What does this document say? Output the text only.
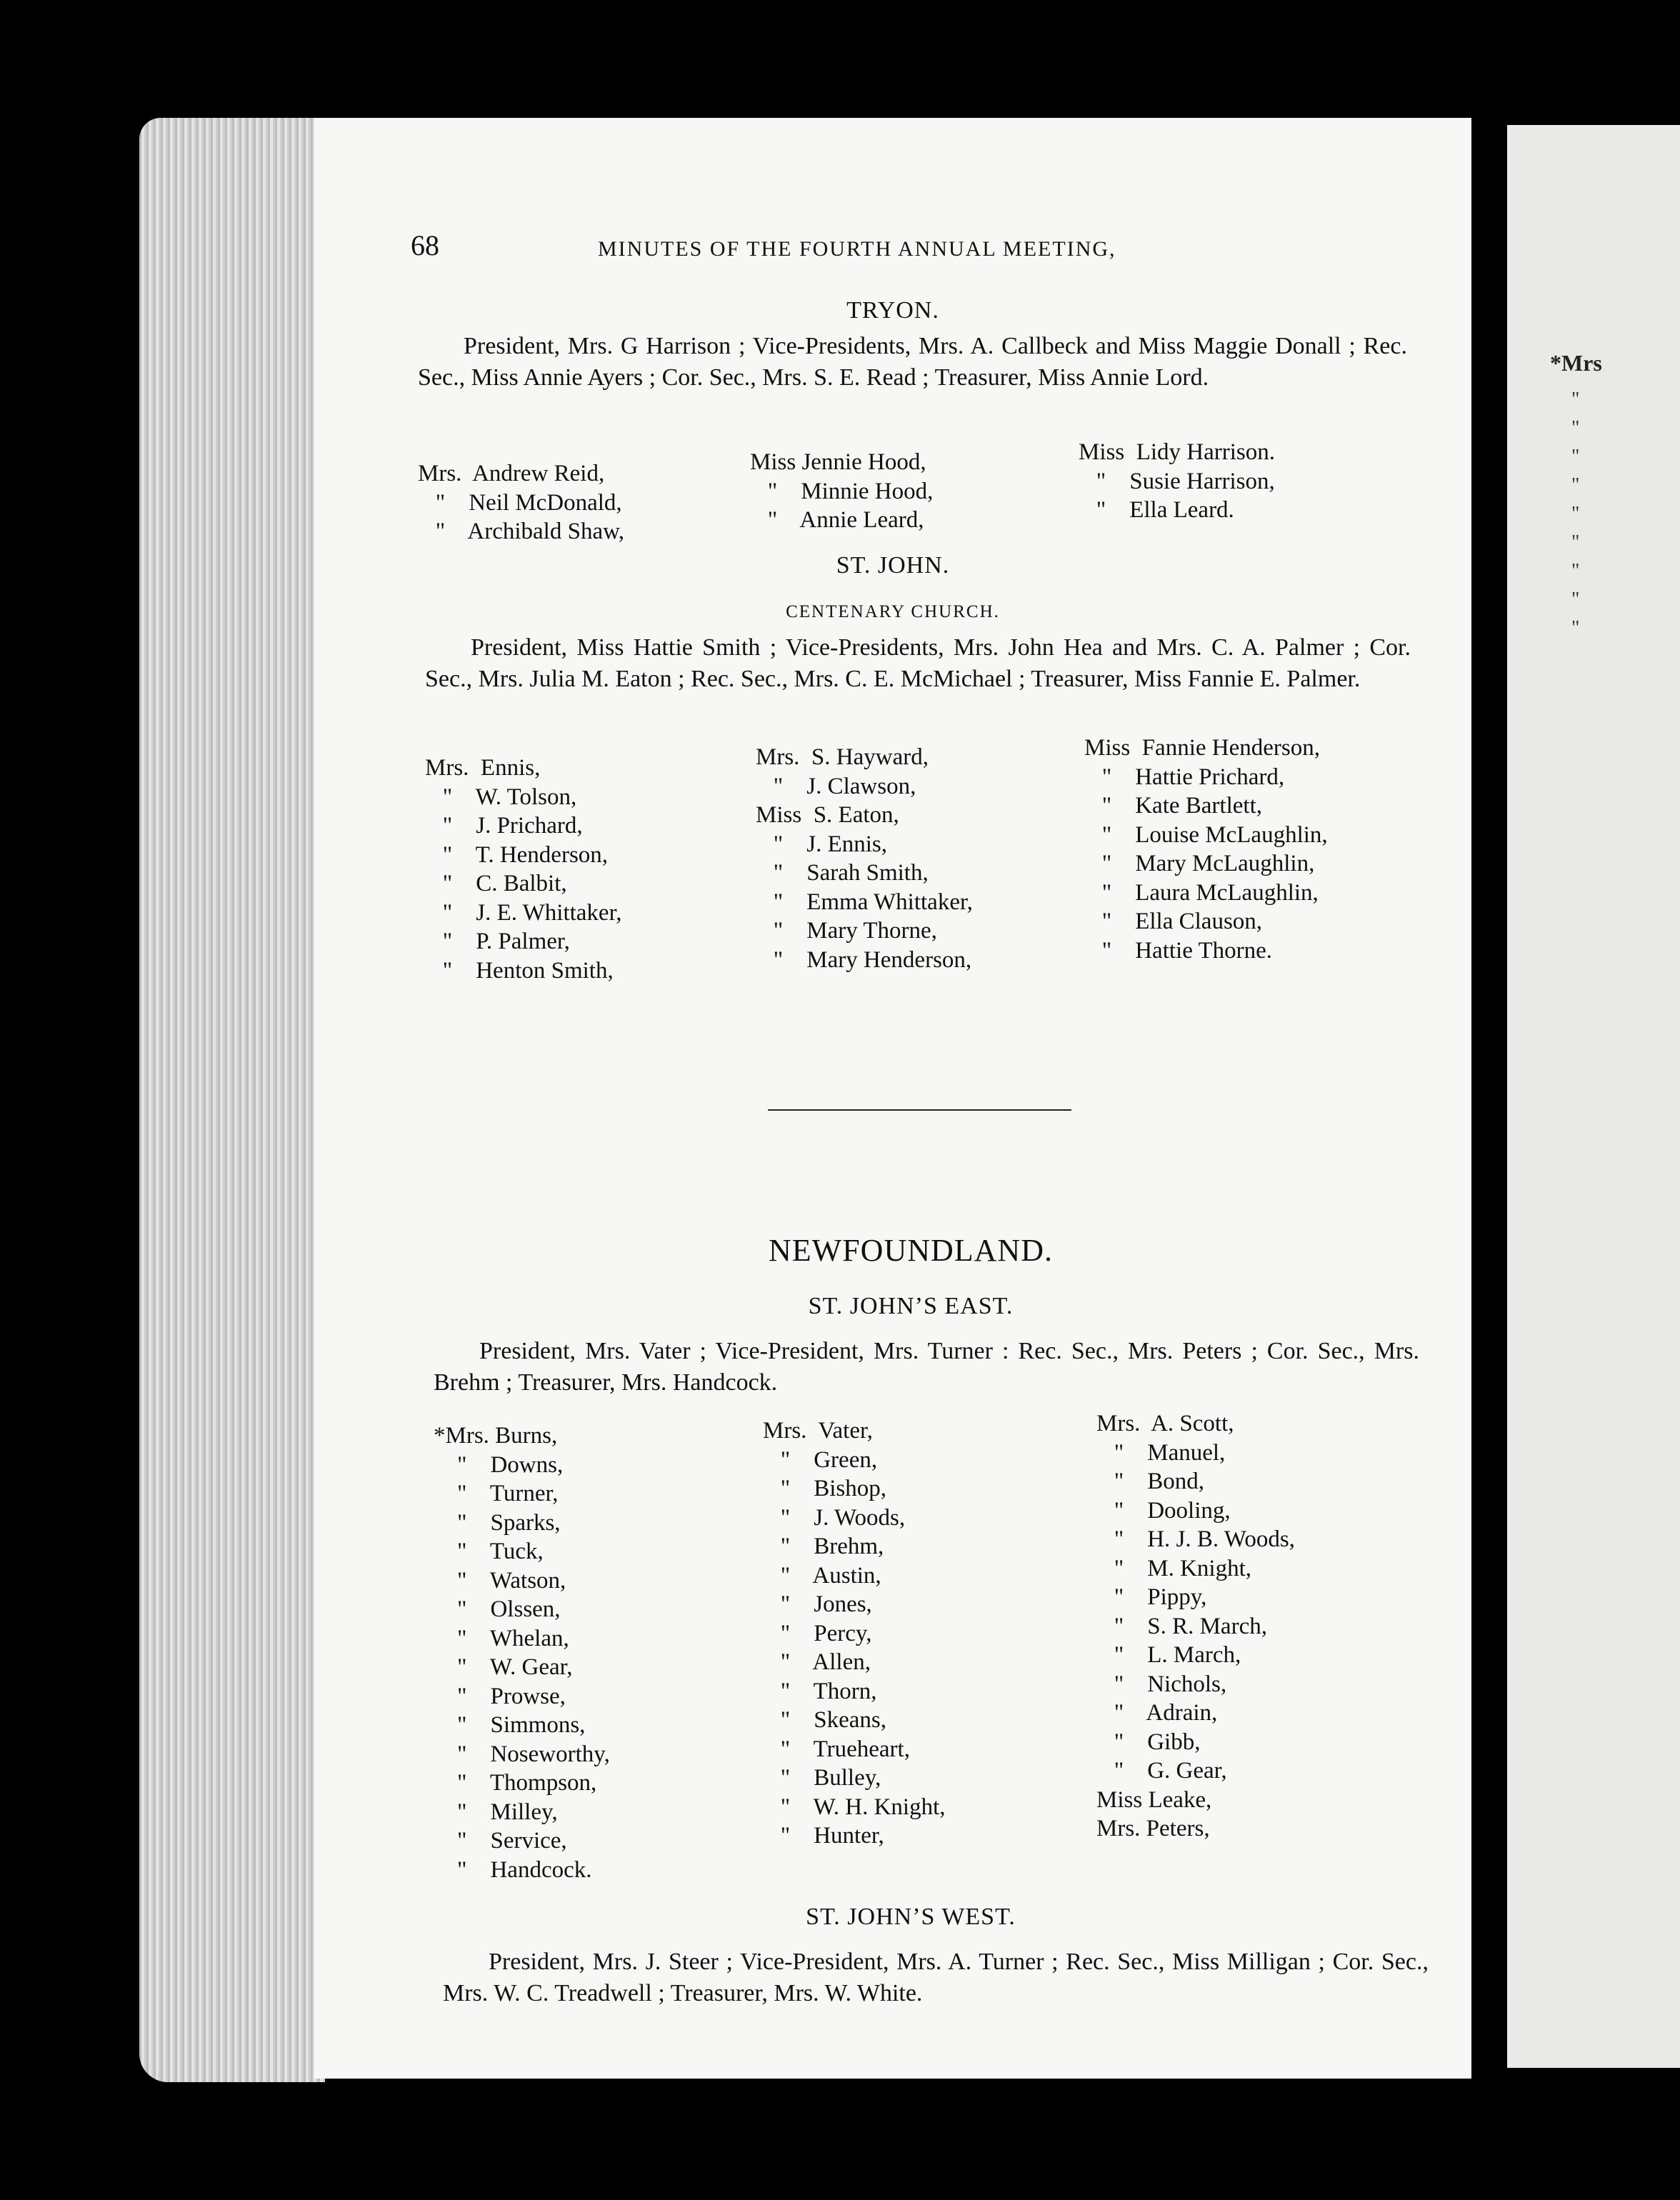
*Mrs
"
"
"
"
"
"
"
"
"
68	MINUTES OF THE FOURTH ANNUAL MEETING,
TRYON.

President, Mrs. G Harrison ; Vice-Presidents, Mrs. A. Callbeck and Miss Maggie Donall ; Rec. Sec., Miss Annie Ayers ; Cor. Sec., Mrs. S. E. Read ; Treasurer, Miss Annie Lord.

Mrs.  Andrew Reid,
"    Neil McDonald,
"    Archibald Shaw,
Miss Jennie Hood,
"    Minnie Hood,
"    Annie Leard,
Miss  Lidy Harrison.
"    Susie Harrison,
"    Ella Leard.
ST. JOHN.
CENTENARY CHURCH.

President, Miss Hattie Smith ; Vice-Presidents, Mrs. John Hea and Mrs. C. A. Palmer ; Cor. Sec., Mrs. Julia M. Eaton ; Rec. Sec., Mrs. C. E. McMichael ; Treasurer, Miss Fannie E. Palmer.

Mrs.  Ennis,
"    W. Tolson,
"    J. Prichard,
"    T. Henderson,
"    C. Balbit,
"    J. E. Whittaker,
"    P. Palmer,
"    Henton Smith,
Mrs.  S. Hayward,
"    J. Clawson,
Miss  S. Eaton,
"    J. Ennis,
"    Sarah Smith,
"    Emma Whittaker,
"    Mary Thorne,
"    Mary Henderson,
Miss  Fannie Henderson,
"    Hattie Prichard,
"    Kate Bartlett,
"    Louise McLaughlin,
"    Mary McLaughlin,
"    Laura McLaughlin,
"    Ella Clauson,
"    Hattie Thorne.
NEWFOUNDLAND.
ST. JOHN’S EAST.

President, Mrs. Vater ; Vice-President, Mrs. Turner : Rec. Sec., Mrs. Peters ; Cor. Sec., Mrs. Brehm ; Treasurer, Mrs. Handcock.

*Mrs. Burns,
"    Downs,
"    Turner,
"    Sparks,
"    Tuck,
"    Watson,
"    Olssen,
"    Whelan,
"    W. Gear,
"    Prowse,
"    Simmons,
"    Noseworthy,
"    Thompson,
"    Milley,
"    Service,
"    Handcock.
Mrs.  Vater,
"    Green,
"    Bishop,
"    J. Woods,
"    Brehm,
"    Austin,
"    Jones,
"    Percy,
"    Allen,
"    Thorn,
"    Skeans,
"    Trueheart,
"    Bulley,
"    W. H. Knight,
"    Hunter,
Mrs.  A. Scott,
"    Manuel,
"    Bond,
"    Dooling,
"    H. J. B. Woods,
"    M. Knight,
"    Pippy,
"    S. R. March,
"    L. March,
"    Nichols,
"    Adrain,
"    Gibb,
"    G. Gear,
Miss Leake,
Mrs. Peters,
ST. JOHN’S WEST.

President, Mrs. J. Steer ; Vice-President, Mrs. A. Turner ; Rec. Sec., Miss Milligan ; Cor. Sec., Mrs. W. C. Treadwell ; Treasurer, Mrs. W. White.
